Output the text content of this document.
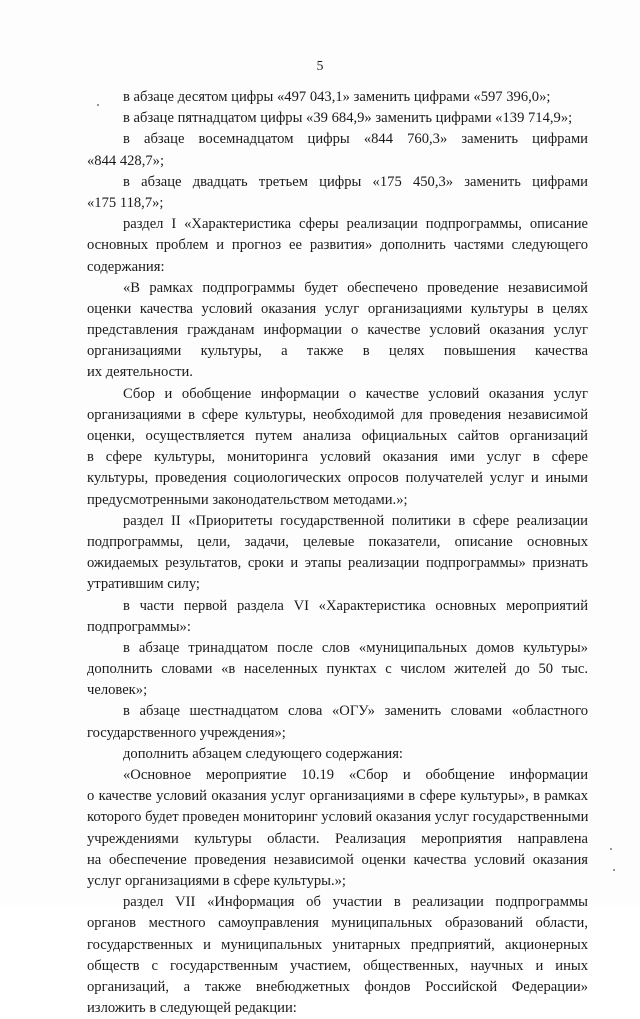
5
в абзаце десятом цифры «497 043,1» заменить цифрами «597 396,0»;
в абзаце пятнадцатом цифры «39 684,9» заменить цифрами «139 714,9»;
в абзаце восемнадцатом цифры «844 760,3» заменить цифрами
«844 428,7»;
в абзаце двадцать третьем цифры «175 450,3» заменить цифрами
«175 118,7»;
раздел I «Характеристика сферы реализации подпрограммы, описание
основных проблем и прогноз ее развития» дополнить частями следующего
содержания:
«В рамках подпрограммы будет обеспечено проведение независимой
оценки качества условий оказания услуг организациями культуры в целях
представления гражданам информации о качестве условий оказания услуг
организациями культуры, а также в целях повышения качества
их деятельности.
Сбор и обобщение информации о качестве условий оказания услуг
организациями в сфере культуры, необходимой для проведения независимой
оценки, осуществляется путем анализа официальных сайтов организаций
в сфере культуры, мониторинга условий оказания ими услуг в сфере
культуры, проведения социологических опросов получателей услуг и иными
предусмотренными законодательством методами.»;
раздел II «Приоритеты государственной политики в сфере реализации
подпрограммы, цели, задачи, целевые показатели, описание основных
ожидаемых результатов, сроки и этапы реализации подпрограммы» признать
утратившим силу;
в части первой раздела VI «Характеристика основных мероприятий
подпрограммы»:
в абзаце тринадцатом после слов «муниципальных домов культуры»
дополнить словами «в населенных пунктах с числом жителей до 50 тыс.
человек»;
в абзаце шестнадцатом слова «ОГУ» заменить словами «областного
государственного учреждения»;
дополнить абзацем следующего содержания:
«Основное мероприятие 10.19 «Сбор и обобщение информации
о качестве условий оказания услуг организациями в сфере культуры», в рамках
которого будет проведен мониторинг условий оказания услуг государственными
учреждениями культуры области. Реализация мероприятия направлена
на обеспечение проведения независимой оценки качества условий оказания
услуг организациями в сфере культуры.»;
раздел VII «Информация об участии в реализации подпрограммы
органов местного самоуправления муниципальных образований области,
государственных и муниципальных унитарных предприятий, акционерных
обществ с государственным участием, общественных, научных и иных
организаций, а также внебюджетных фондов Российской Федерации»
изложить в следующей редакции:
